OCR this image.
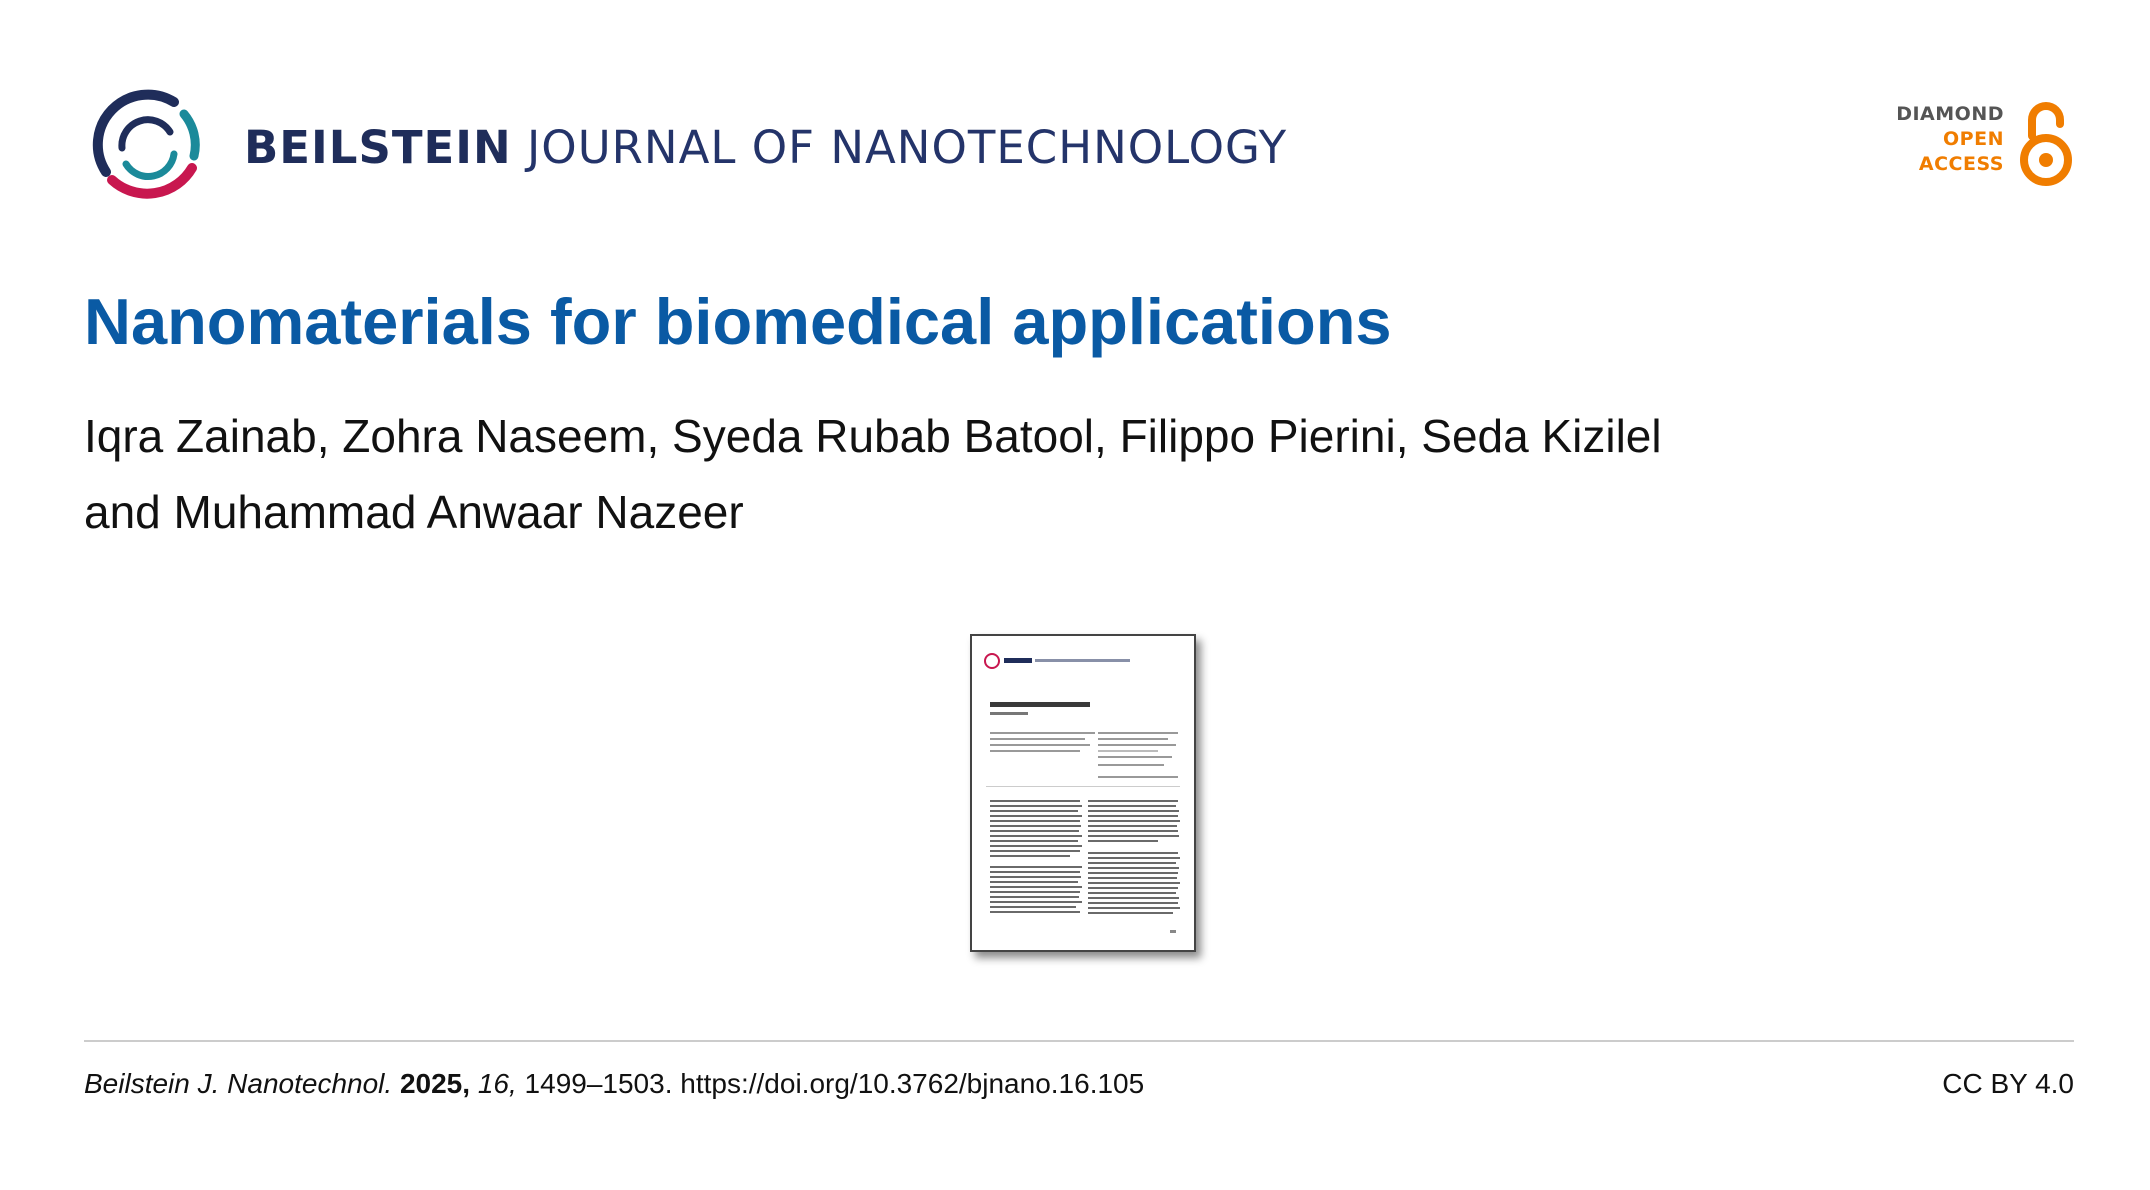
BEILSTEIN JOURNAL OF NANOTECHNOLOGY
DIAMOND
OPEN
ACCESS
Nanomaterials for biomedical applications
Iqra Zainab, Zohra Naseem, Syeda Rubab Batool, Filippo Pierini, Seda Kizilel
and Muhammad Anwaar Nazeer
Beilstein J. Nanotechnol. 2025, 16, 1499–1503. https://doi.org/10.3762/bjnano.16.105	CC BY 4.0
